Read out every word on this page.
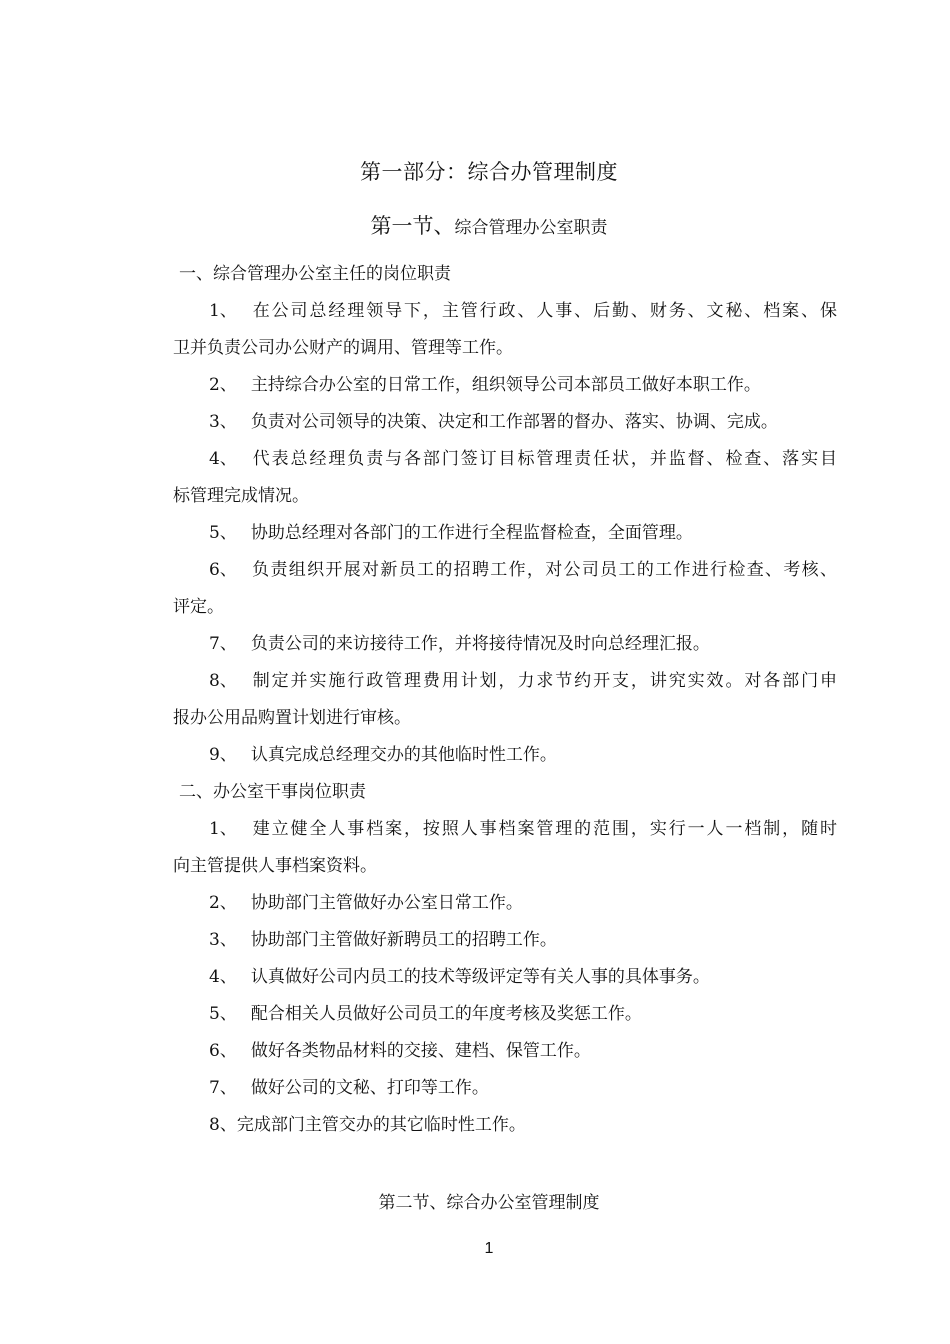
第一部分：综合办管理制度
第一节、综合管理办公室职责
一、综合管理办公室主任的岗位职责
1、 在公司总经理领导下，主管行政、人事、后勤、财务、文秘、档案、保
卫并负责公司办公财产的调用、管理等工作。
2、 主持综合办公室的日常工作，组织领导公司本部员工做好本职工作。
3、 负责对公司领导的决策、决定和工作部署的督办、落实、协调、完成。
4、 代表总经理负责与各部门签订目标管理责任状，并监督、检查、落实目
标管理完成情况。
5、 协助总经理对各部门的工作进行全程监督检查，全面管理。
6、 负责组织开展对新员工的招聘工作，对公司员工的工作进行检查、考核、
评定。
7、 负责公司的来访接待工作，并将接待情况及时向总经理汇报。
8、 制定并实施行政管理费用计划，力求节约开支，讲究实效。对各部门申
报办公用品购置计划进行审核。
9、 认真完成总经理交办的其他临时性工作。
二、办公室干事岗位职责
1、 建立健全人事档案，按照人事档案管理的范围，实行一人一档制，随时
向主管提供人事档案资料。
2、 协助部门主管做好办公室日常工作。
3、 协助部门主管做好新聘员工的招聘工作。
4、 认真做好公司内员工的技术等级评定等有关人事的具体事务。
5、 配合相关人员做好公司员工的年度考核及奖惩工作。
6、 做好各类物品材料的交接、建档、保管工作。
7、 做好公司的文秘、打印等工作。
8、完成部门主管交办的其它临时性工作。
第二节、综合办公室管理制度
1
